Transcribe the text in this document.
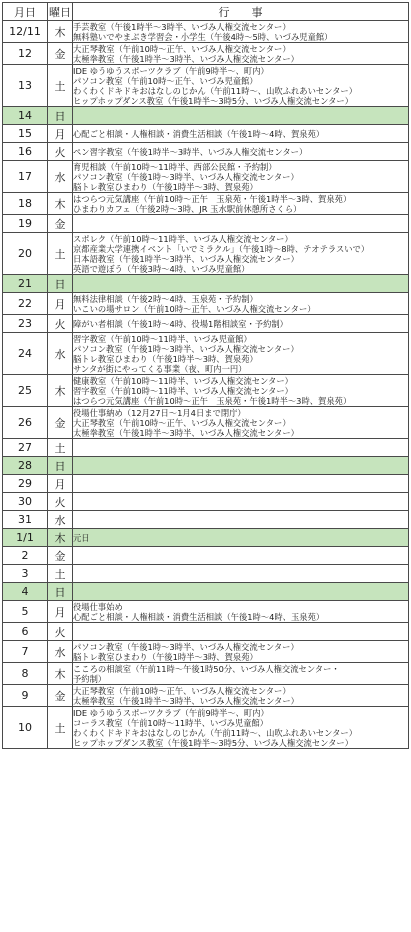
月日	曜日	行　　事
12/11	木	手芸教室（午後1時半～3時半、いづみ人権交流センター）
無料塾いでやまぶき学習会・小学生（午後4時～5時、いづみ児童館）

12	金	大正琴教室（午前10時～正午、いづみ人権交流センター）
太極拳教室（午後1時半～3時半、いづみ人権交流センター）

13	土	IDE ゆうゆうスポーツクラブ（午前9時半～、町内）
パソコン教室（午前10時～正午、いづみ児童館）
わくわくドキドキおはなしのじかん（午前11時～、山吹ふれあいセンター）
ヒップホップダンス教室（午後1時半～3時5分、いづみ人権交流センター）

14	日	
15	月	心配ごと相談・人権相談・消費生活相談（午後1時～4時、賀泉苑）

16	火	ペン習字教室（午後1時半～3時半、いづみ人権交流センター）

17	水	育児相談（午前10時～11時半、西部公民館・予約制）
パソコン教室（午後1時～3時半、いづみ人権交流センター）
脳トレ教室ひまわり（午後1時半～3時、賀泉苑）

18	木	はつらつ元気講座（午前10時～正午　玉泉苑・午後1時半～3時、賀泉苑）
ひまわりカフェ（午後2時～3時、JR 玉水駅前休憩所さくら）

19	金	
20	土	スポレク（午前10時～11時半、いづみ人権交流センター）
京都産業大学連携イベント「いでミラクル」（午後1時～8時、テオテラスいで）
日本語教室（午後1時半～3時半、いづみ人権交流センター）
英語で遊ぼう（午後3時～4時、いづみ児童館）

21	日	
22	月	無料法律相談（午後2時～4時、玉泉苑・予約制）
いこいの場サロン（午前10時～正午、いづみ人権交流センター）

23	火	障がい者相談（午後1時～4時、役場1階相談室・予約制）

24	水	習字教室（午前10時～11時半、いづみ児童館）
パソコン教室（午後1時～3時半、いづみ人権交流センター）
脳トレ教室ひまわり（午後1時半～3時、賀泉苑）
サンタが街にやってくる事業（夜、町内一円）

25	木	健康教室（午前10時～11時半、いづみ人権交流センター）
習字教室（午前10時～11時半、いづみ人権交流センター）
はつらつ元気講座（午前10時～正午　玉泉苑・午後1時半～3時、賀泉苑）

26	金	役場仕事納め（12月27日～1月4日まで閉庁）
大正琴教室（午前10時～正午、いづみ人権交流センター）
太極拳教室（午後1時半～3時半、いづみ人権交流センター）

27	土	
28	日	
29	月	
30	火	
31	水	
1/1	木	元日

2	金	
3	土	
4	日	
5	月	役場仕事始め
心配ごと相談・人権相談・消費生活相談（午後1時～4時、玉泉苑）

6	火	
7	水	パソコン教室（午後1時～3時半、いづみ人権交流センター）
脳トレ教室ひまわり（午後1時半～3時、賀泉苑）

8	木	こころの相談室（午前11時～午後1時50分、いづみ人権交流センター・
予約制）

9	金	大正琴教室（午前10時～正午、いづみ人権交流センター）
太極拳教室（午後1時半～3時半、いづみ人権交流センター）

10	土	IDE ゆうゆうスポーツクラブ（午前9時半～、町内）
コーラス教室（午前10時～11時半、いづみ児童館）
わくわくドキドキおはなしのじかん（午前11時～、山吹ふれあいセンター）
ヒップホップダンス教室（午後1時半～3時5分、いづみ人権交流センター）
